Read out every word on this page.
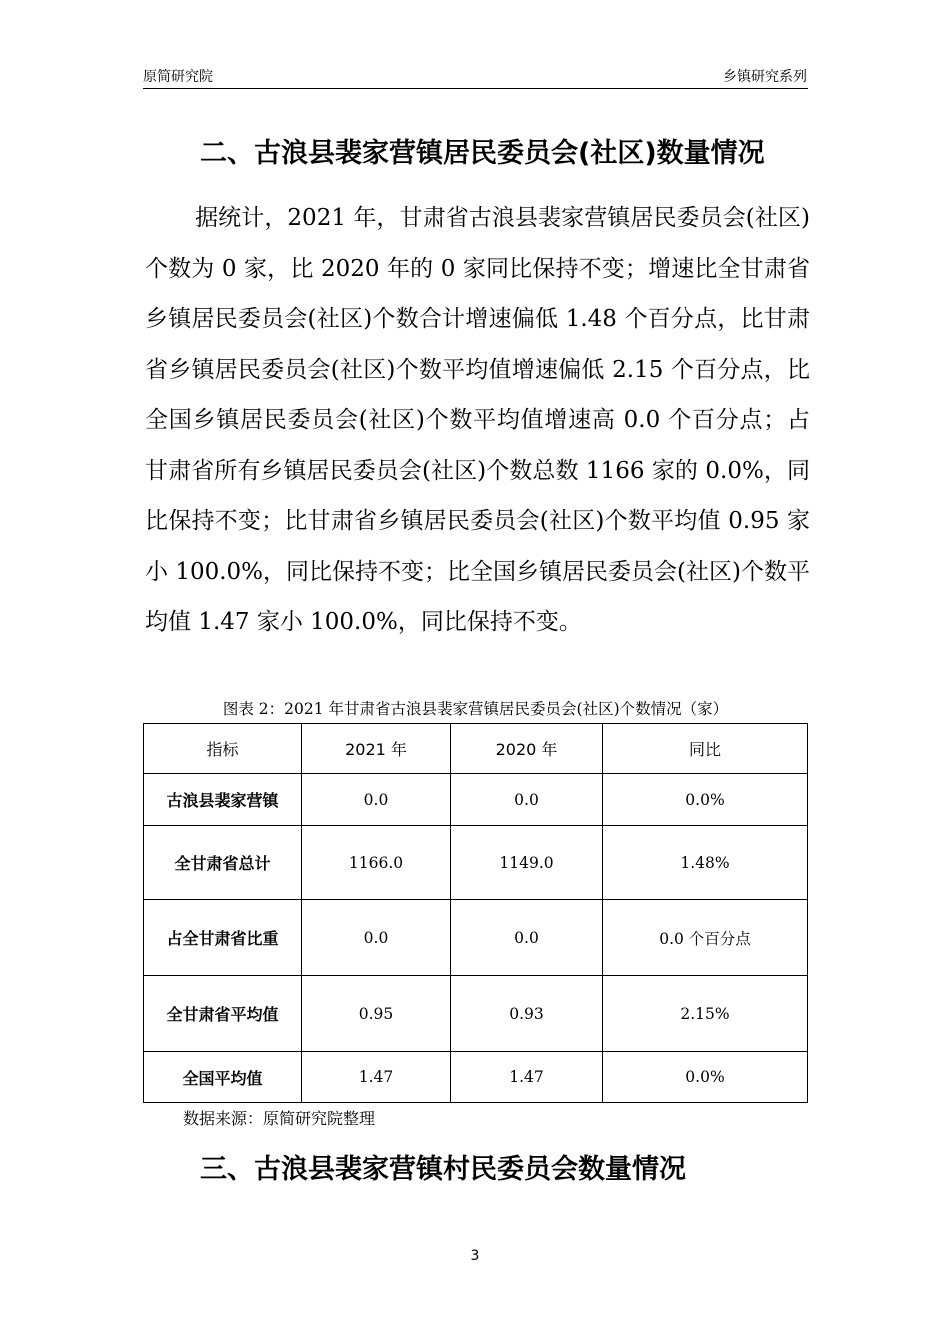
原简研究院	乡镇研究系列
二、古浪县裴家营镇居民委员会(社区)数量情况
据统计，2021 年，甘肃省古浪县裴家营镇居民委员会(社区)个数为 0 家，比 2020 年的 0 家同比保持不变；增速比全甘肃省乡镇居民委员会(社区)个数合计增速偏低 1.48 个百分点，比甘肃省乡镇居民委员会(社区)个数平均值增速偏低 2.15 个百分点，比全国乡镇居民委员会(社区)个数平均值增速高 0.0 个百分点；占甘肃省所有乡镇居民委员会(社区)个数总数 1166 家的 0.0%，同比保持不变；比甘肃省乡镇居民委员会(社区)个数平均值 0.95 家小 100.0%，同比保持不变；比全国乡镇居民委员会(社区)个数平均值 1.47 家小 100.0%，同比保持不变。
图表 2：2021 年甘肃省古浪县裴家营镇居民委员会(社区)个数情况（家）
指标	2021 年	2020 年	同比
古浪县裴家营镇	0.0	0.0	0.0%
全甘肃省总计	1166.0	1149.0	1.48%
占全甘肃省比重	0.0	0.0	0.0 个百分点
全甘肃省平均值	0.95	0.93	2.15%
全国平均值	1.47	1.47	0.0%
数据来源：原简研究院整理
三、古浪县裴家营镇村民委员会数量情况
3
